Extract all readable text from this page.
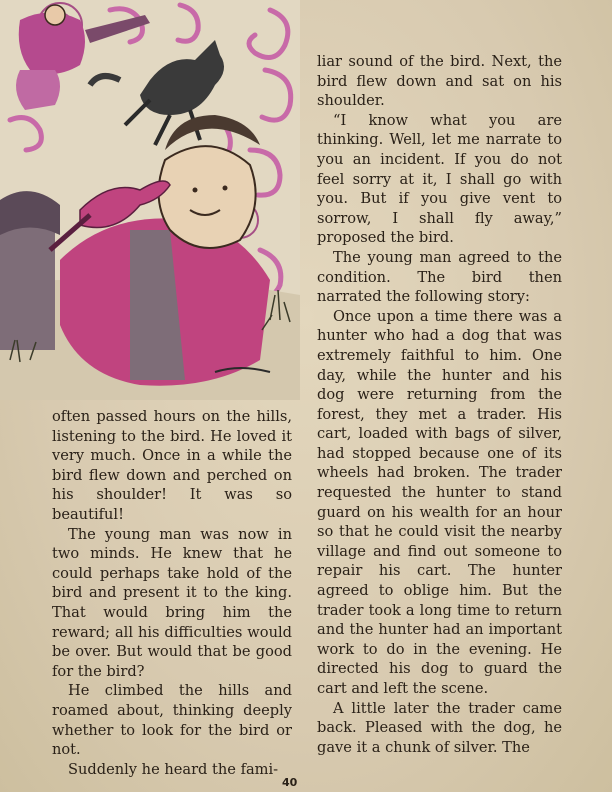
often passed hours on the hills, listening to the bird. He loved it very much. Once in a while the bird flew down and perched on his shoulder! It was so beautiful!

The young man was now in two minds. He knew that he could perhaps take hold of the bird and present it to the king. That would bring him the reward; all his difficulties would be over. But would that be good for the bird?

He climbed the hills and roamed about, thinking deeply whether to look for the bird or not.

Suddenly he heard the fami-

liar sound of the bird. Next, the bird flew down and sat on his shoulder.

“I know what you are thinking. Well, let me narrate to you an incident. If you do not feel sorry at it, I shall go with you. But if you give vent to sorrow, I shall fly away,” proposed the bird.

The young man agreed to the condition. The bird then narrated the following story:

Once upon a time there was a hunter who had a dog that was extremely faithful to him. One day, while the hunter and his dog were returning from the forest, they met a trader. His cart, loaded with bags of silver, had stopped because one of its wheels had broken. The trader requested the hunter to stand guard on his wealth for an hour so that he could visit the nearby village and find out someone to repair his cart. The hunter agreed to oblige him. But the trader took a long time to return and the hunter had an important work to do in the evening. He directed his dog to guard the cart and left the scene.

A little later the trader came back. Pleased with the dog, he gave it a chunk of silver. The

40
